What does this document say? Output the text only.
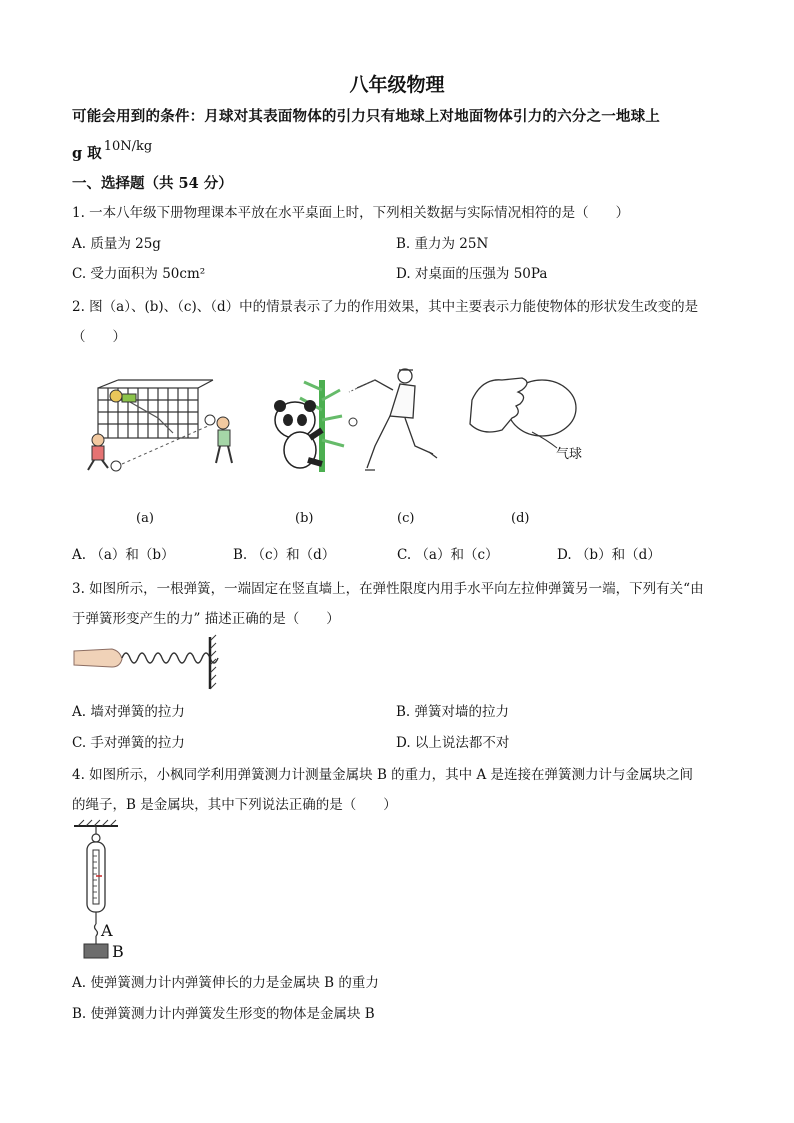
八年级物理
可能会用到的条件：月球对其表面物体的引力只有地球上对地面物体引力的六分之一地球上
g 取 10N/kg
一、选择题（共 54 分）
1. 一本八年级下册物理课本平放在水平桌面上时，下列相关数据与实际情况相符的是（　　）
A. 质量为 25g	B. 重力为 25N
C. 受力面积为 50cm²	D. 对桌面的压强为 50Pa
2. 图（a）、(b)、（c)、（d）中的情景表示了力的作用效果，其中主要表示力能使物体的形状发生改变的是
（　　）
气球
(a)	(b)	(c)	(d)
A. （a）和（b）	B. （c）和（d）	C. （a）和（c）	D. （b）和（d）
3. 如图所示，一根弹簧，一端固定在竖直墙上，在弹性限度内用手水平向左拉伸弹簧另一端，下列有关“由
于弹簧形变产生的力” 描述正确的是（　　）
A. 墙对弹簧的拉力	B. 弹簧对墙的拉力
C. 手对弹簧的拉力	D. 以上说法都不对
4. 如图所示，小枫同学利用弹簧测力计测量金属块 B 的重力，其中 A 是连接在弹簧测力计与金属块之间
的绳子，B 是金属块，其中下列说法正确的是（　　）
A
B
A. 使弹簧测力计内弹簧伸长的力是金属块 B 的重力
B. 使弹簧测力计内弹簧发生形变的物体是金属块 B
